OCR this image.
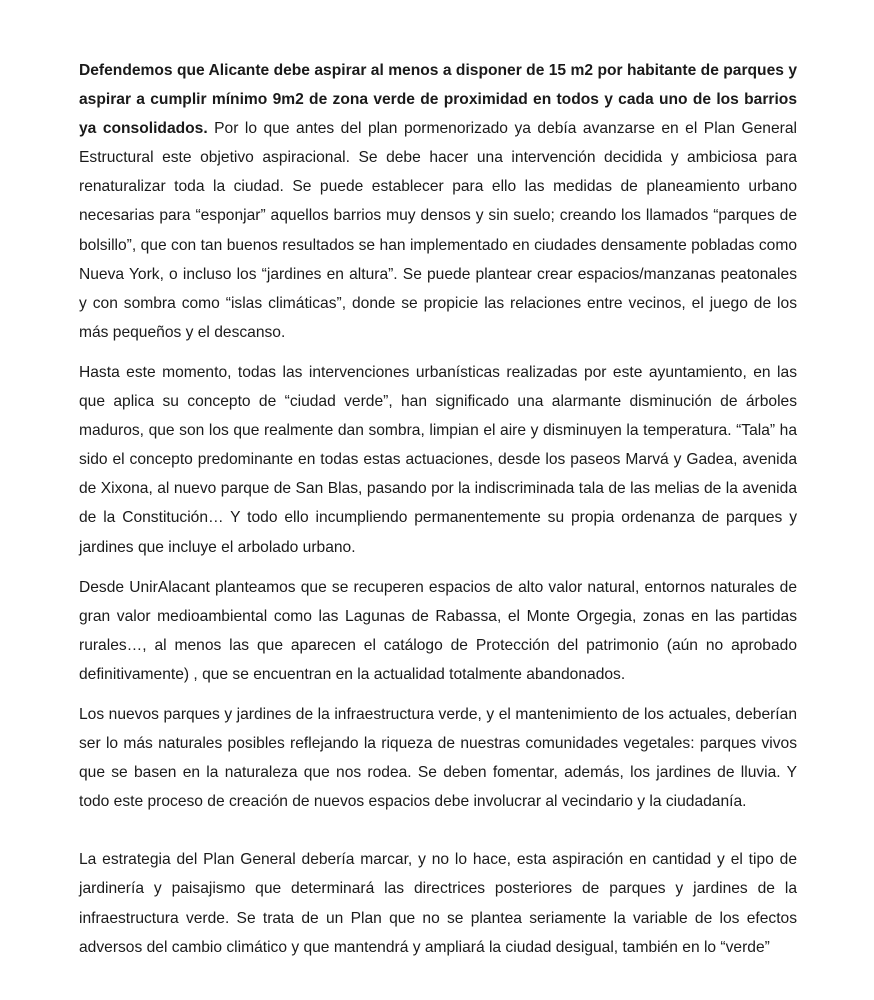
Defendemos que Alicante debe aspirar al menos a disponer de 15 m2 por habitante de parques y aspirar a cumplir mínimo 9m2 de zona verde de proximidad en todos y cada uno de los barrios ya consolidados. Por lo que antes del plan pormenorizado ya debía avanzarse en el Plan General Estructural este objetivo aspiracional. Se debe hacer una intervención decidida y ambiciosa para renaturalizar toda la ciudad. Se puede establecer para ello las medidas de planeamiento urbano necesarias para “esponjar” aquellos barrios muy densos y sin suelo; creando los llamados “parques de bolsillo”, que con tan buenos resultados se han implementado en ciudades densamente pobladas como Nueva York, o incluso los “jardines en altura”. Se puede plantear crear espacios/manzanas peatonales y con sombra como “islas climáticas”, donde se propicie las relaciones entre vecinos, el juego de los más pequeños y el descanso.

Hasta este momento, todas las intervenciones urbanísticas realizadas por este ayuntamiento, en las que aplica su concepto de “ciudad verde”, han significado una alarmante disminución de árboles maduros, que son los que realmente dan sombra, limpian el aire y disminuyen la temperatura. “Tala” ha sido el concepto predominante en todas estas actuaciones, desde los paseos Marvá y Gadea, avenida de Xixona, al nuevo parque de San Blas, pasando por la indiscriminada tala de las melias de la avenida de la Constitución… Y todo ello incumpliendo permanentemente su propia ordenanza de parques y jardines que incluye el arbolado urbano.

Desde UnirAlacant planteamos que se recuperen espacios de alto valor natural, entornos naturales de gran valor medioambiental como las Lagunas de Rabassa, el Monte Orgegia, zonas en las partidas rurales…, al menos las que aparecen el catálogo de Protección del patrimonio (aún no aprobado definitivamente) , que se encuentran en la actualidad totalmente abandonados.

Los nuevos parques y jardines de la infraestructura verde, y el mantenimiento de los actuales, deberían ser lo más naturales posibles reflejando la riqueza de nuestras comunidades vegetales: parques vivos que se basen en la naturaleza que nos rodea. Se deben fomentar, además, los jardines de lluvia. Y todo este proceso de creación de nuevos espacios debe involucrar al vecindario y la ciudadanía.

La estrategia del Plan General debería marcar, y no lo hace, esta aspiración en cantidad y el tipo de jardinería y paisajismo que determinará las directrices posteriores de parques y jardines de la infraestructura verde. Se trata de un Plan que no se plantea seriamente la variable de los efectos adversos del cambio climático y que mantendrá y ampliará la ciudad desigual, también en lo “verde”
